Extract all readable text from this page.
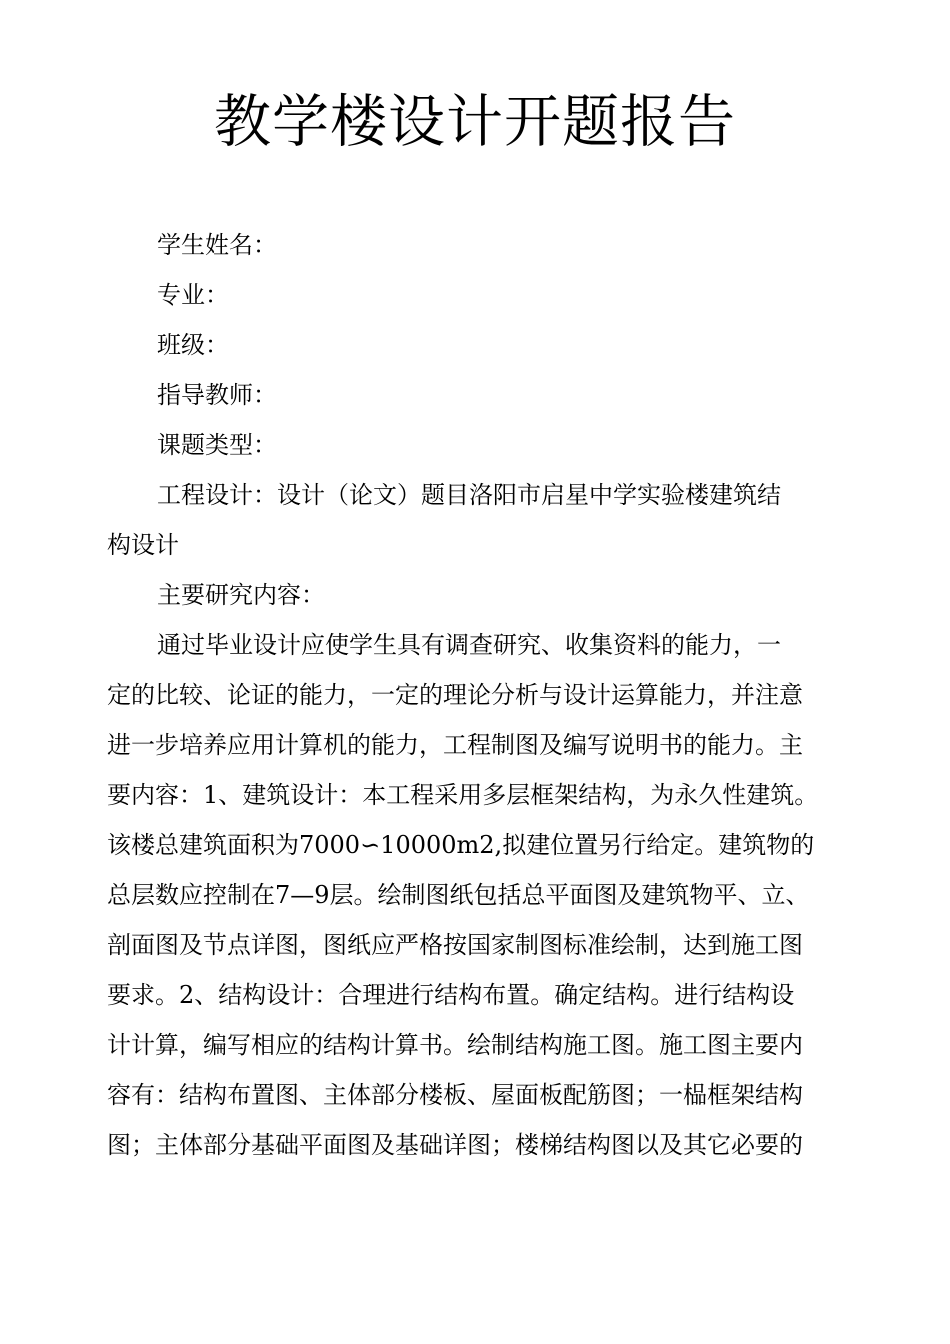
教学楼设计开题报告

学生姓名：

专业：

班级：

指导教师：

课题类型：

工程设计：设计（论文）题目洛阳市启星中学实验楼建筑结

构设计

主要研究内容：

通过毕业设计应使学生具有调查研究、收集资料的能力，一
定的比较、论证的能力，一定的理论分析与设计运算能力，并注意
进一步培养应用计算机的能力，工程制图及编写说明书的能力。主
要内容：1、建筑设计：本工程采用多层框架结构，为永久性建筑。
该楼总建筑面积为7000∽10000m2,拟建位置另行给定。建筑物的
总层数应控制在7—9层。绘制图纸包括总平面图及建筑物平、立、
剖面图及节点详图，图纸应严格按国家制图标准绘制，达到施工图
要求。2、结构设计：合理进行结构布置。确定结构。进行结构设
计计算，编写相应的结构计算书。绘制结构施工图。施工图主要内
容有：结构布置图、主体部分楼板、屋面板配筋图；一榀框架结构
图；主体部分基础平面图及基础详图；楼梯结构图以及其它必要的
